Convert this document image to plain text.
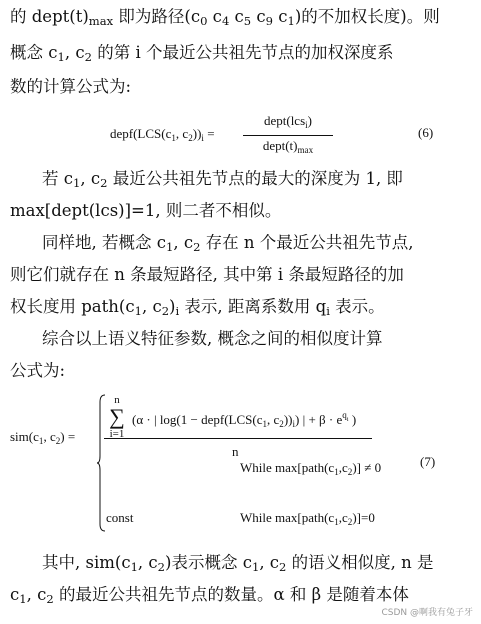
的 $dept(t)_{max}$ 即为路径($c_0$ $c_4$ $c_5$ $c_9$ $c_1$)的不加权长度)。则
概念 $c_1$, $c_2$ 的第 i 个最近公共祖先节点的加权深度系
数的计算公式为:
$depf(LCS(c_1$, $c_2))_i$ =
dept(lcs$_i$)
$dept(t)_{max}$
(6)
若 $c_1$, $c_2$ 最近公共祖先节点的最大的深度为 1, 即
max[dept(lcs)]=1, 则二者不相似。
同样地, 若概念 $c_1$, $c_2$ 存在 n 个最近公共祖先节点,
则它们就存在 n 条最短路径, 其中第 i 条最短路径的加
权长度用 $path(c_1$, $c_2)_i$ 表示, 距离系数用 $q_i$ 表示。
综合以上语义特征参数, 概念之间的相似度计算
公式为:
$sim(c_1$, $c_2$) =
n
∑
i=1
(α · | $\log(1 - depf(LCS(c_1$, $c_2))_i$) | + $\beta \cdot e^{q_i}$ )
n
While $\max[path(c_1,c_2)] \ne 0$
const	While $\max[path(c_1,c_2)]=0$
(7)
其中, $sim(c_1$, $c_2$)表示概念 $c_1$, $c_2$ 的语义相似度, n 是
$c_1$, $c_2$ 的最近公共祖先节点的数量。α 和 β 是随着本体
CSDN @啊我有兔子牙
